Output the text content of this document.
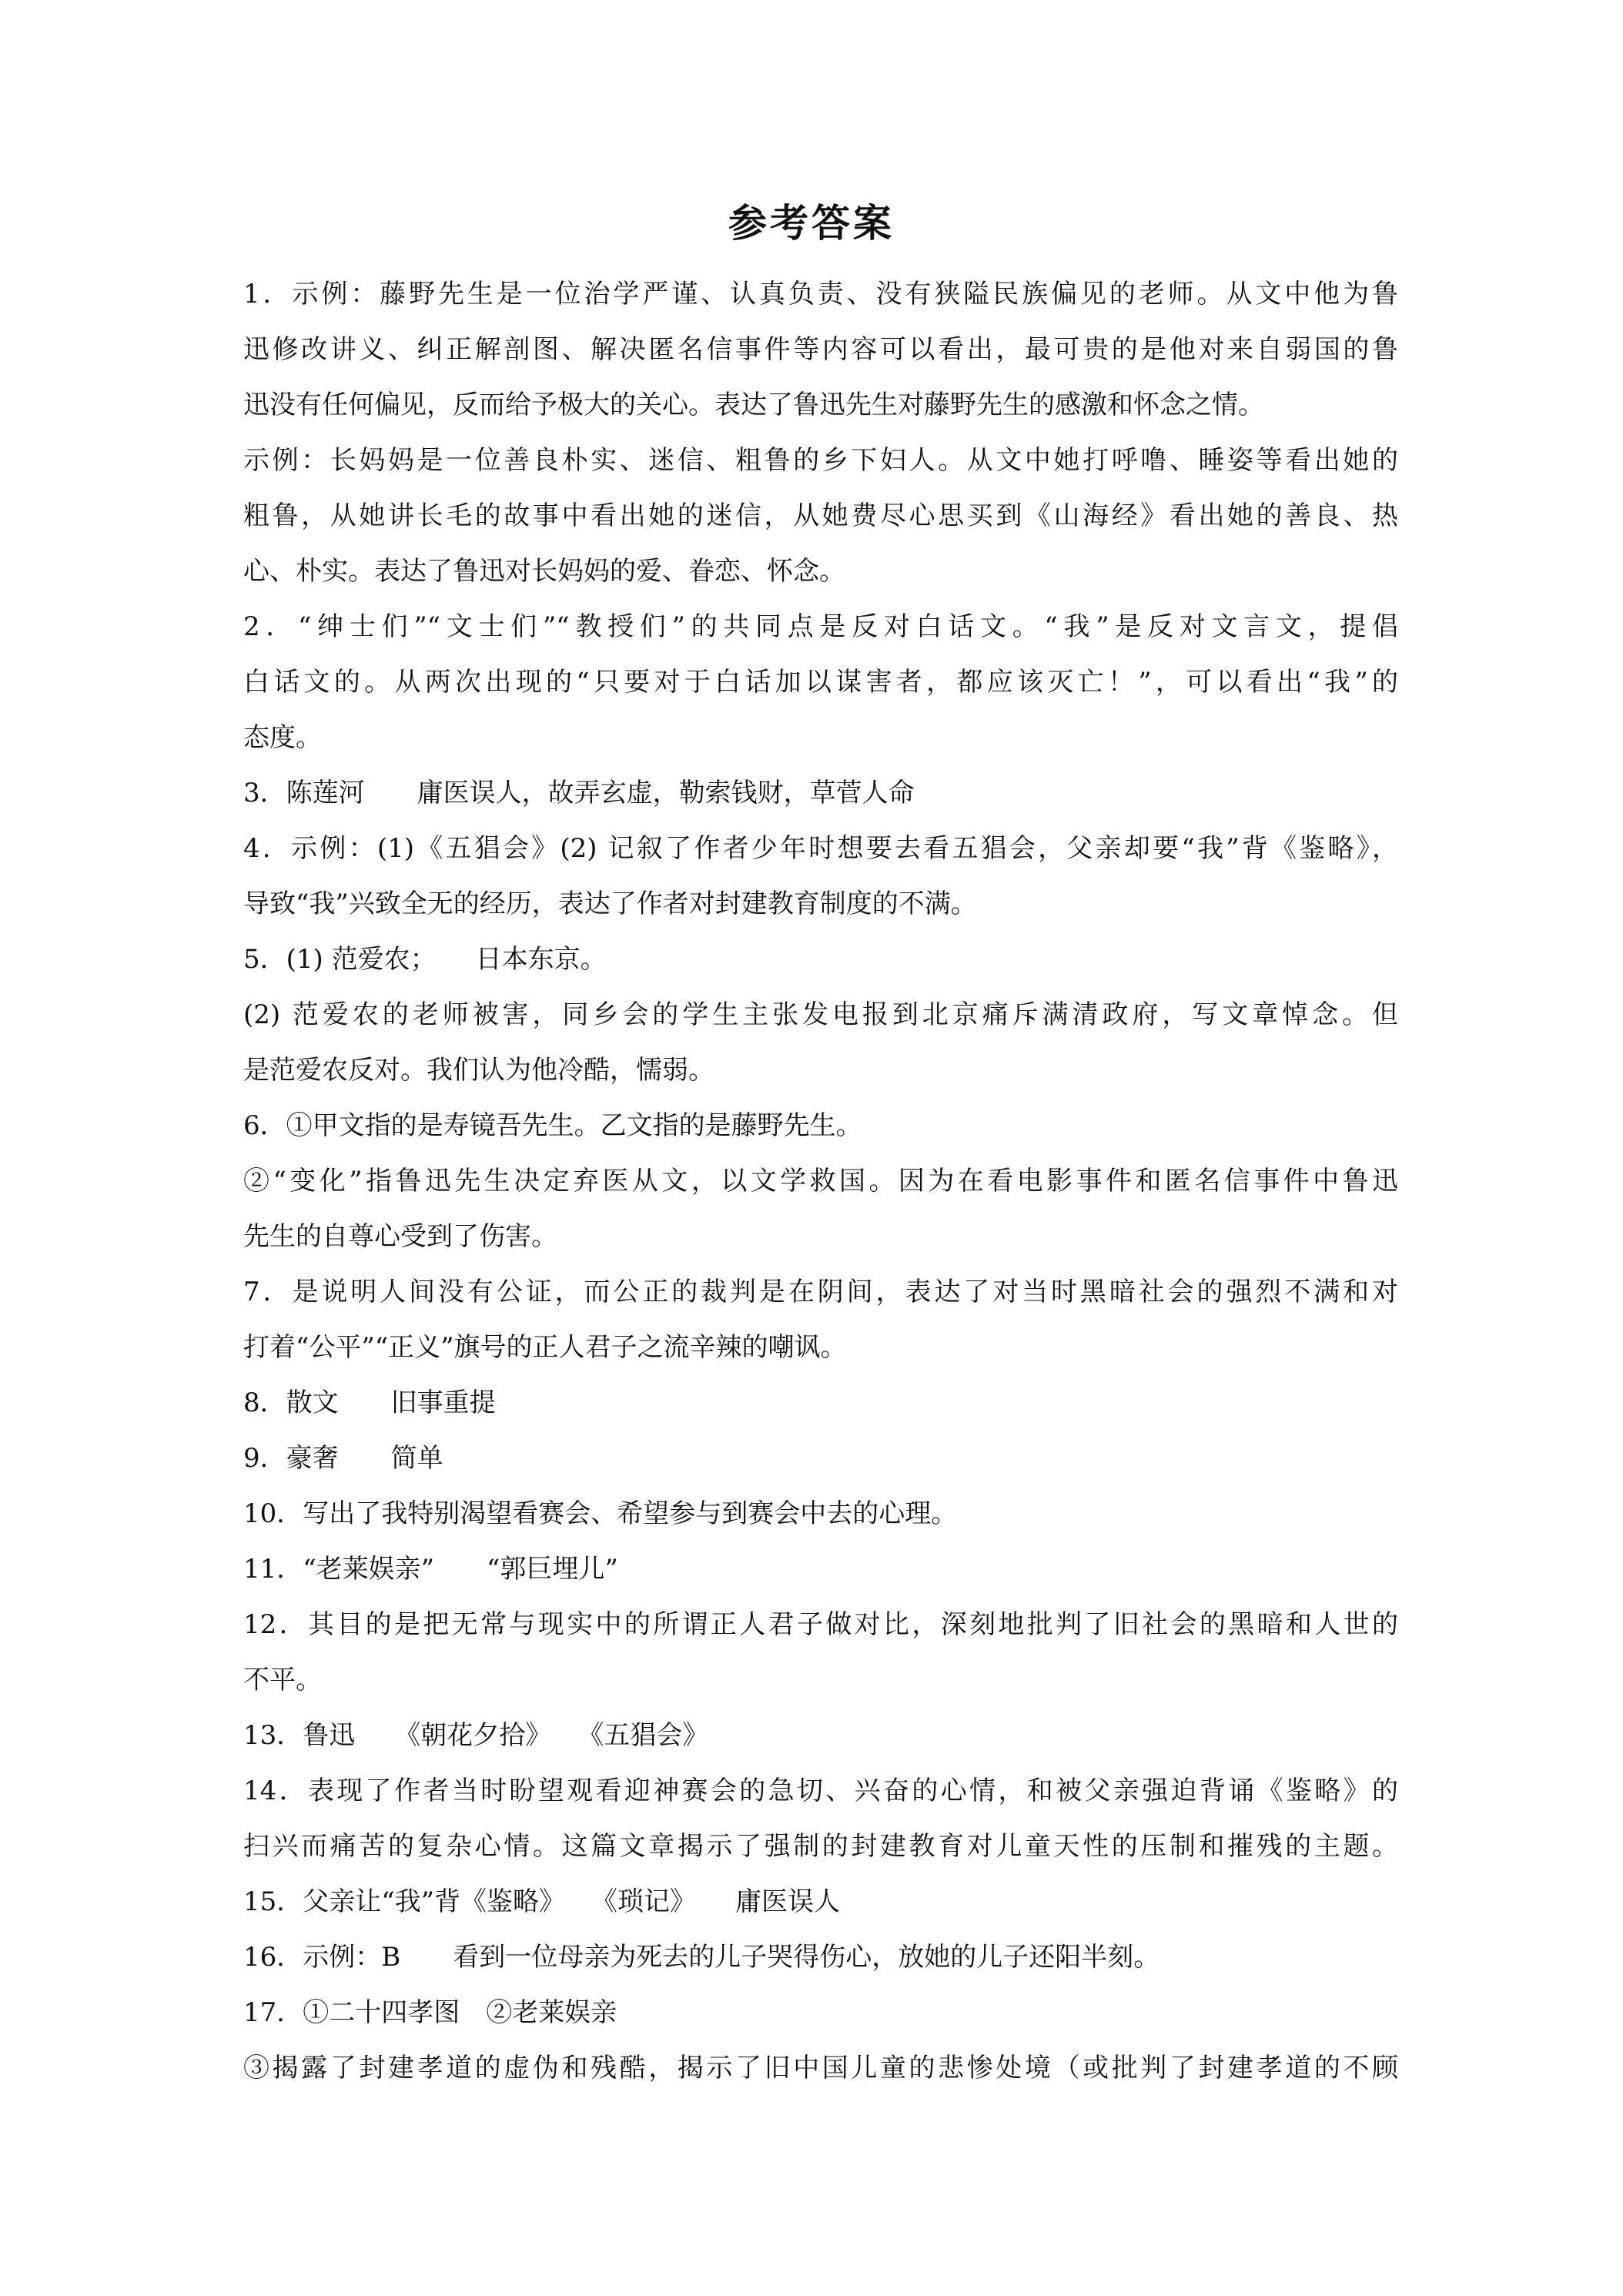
参考答案
1．示例：藤野先生是一位治学严谨、认真负责、没有狭隘民族偏见的老师。从文中他为鲁
迅修改讲义、纠正解剖图、解决匿名信事件等内容可以看出，最可贵的是他对来自弱国的鲁
迅没有任何偏见，反而给予极大的关心。表达了鲁迅先生对藤野先生的感激和怀念之情。
示例：长妈妈是一位善良朴实、迷信、粗鲁的乡下妇人。从文中她打呼噜、睡姿等看出她的
粗鲁，从她讲长毛的故事中看出她的迷信，从她费尽心思买到《山海经》看出她的善良、热
心、朴实。表达了鲁迅对长妈妈的爱、眷恋、怀念。
2．“绅士们”“文士们”“教授们”的共同点是反对白话文。“我”是反对文言文，提倡
白话文的。从两次出现的“只要对于白话加以谋害者，都应该灭亡！”，可以看出“我”的
态度。
3．陈莲河　　庸医误人，故弄玄虚，勒索钱财，草菅人命
4．示例：(1)《五猖会》(2) 记叙了作者少年时想要去看五猖会，父亲却要“我”背《鉴略》，
导致“我”兴致全无的经历，表达了作者对封建教育制度的不满。
5．(1) 范爱农；　　日本东京。
(2) 范爱农的老师被害，同乡会的学生主张发电报到北京痛斥满清政府，写文章悼念。但
是范爱农反对。我们认为他冷酷，懦弱。
6．①甲文指的是寿镜吾先生。乙文指的是藤野先生。
②“变化”指鲁迅先生决定弃医从文，以文学救国。因为在看电影事件和匿名信事件中鲁迅
先生的自尊心受到了伤害。
7．是说明人间没有公证，而公正的裁判是在阴间，表达了对当时黑暗社会的强烈不满和对
打着“公平”“正义”旗号的正人君子之流辛辣的嘲讽。
8．散文　　旧事重提
9．豪奢　　简单
10．写出了我特别渴望看赛会、希望参与到赛会中去的心理。
11．“老莱娱亲”　　“郭巨埋儿”
12．其目的是把无常与现实中的所谓正人君子做对比，深刻地批判了旧社会的黑暗和人世的
不平。
13．鲁迅　　《朝花夕拾》　　《五猖会》
14．表现了作者当时盼望观看迎神赛会的急切、兴奋的心情，和被父亲强迫背诵《鉴略》的
扫兴而痛苦的复杂心情。这篇文章揭示了强制的封建教育对儿童天性的压制和摧残的主题。
15．父亲让“我”背《鉴略》　　《琐记》　　庸医误人
16．示例：B　　看到一位母亲为死去的儿子哭得伤心，放她的儿子还阳半刻。
17．①二十四孝图　②老莱娱亲
③揭露了封建孝道的虚伪和残酷，揭示了旧中国儿童的悲惨处境（或批判了封建孝道的不顾
